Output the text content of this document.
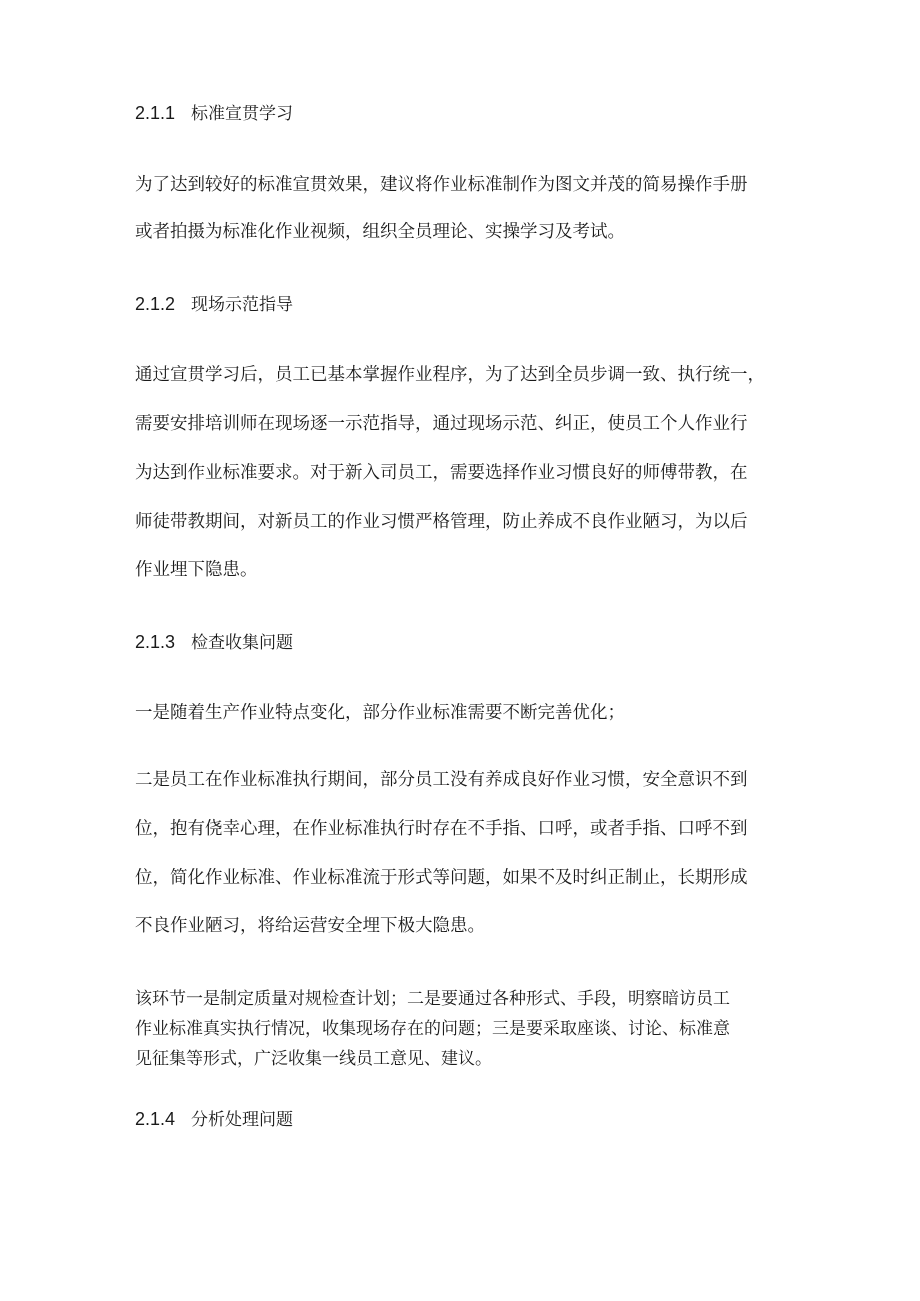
2.1.1 标准宣贯学习
为了达到较好的标准宣贯效果，建议将作业标准制作为图文并茂的简易操作手册
或者拍摄为标准化作业视频，组织全员理论、实操学习及考试。
2.1.2 现场示范指导
通过宣贯学习后，员工已基本掌握作业程序，为了达到全员步调一致、执行统一，
需要安排培训师在现场逐一示范指导，通过现场示范、纠正，使员工个人作业行
为达到作业标准要求。对于新入司员工，需要选择作业习惯良好的师傅带教，在
师徒带教期间，对新员工的作业习惯严格管理，防止养成不良作业陋习，为以后
作业埋下隐患。
2.1.3 检查收集问题
一是随着生产作业特点变化，部分作业标准需要不断完善优化；
二是员工在作业标准执行期间，部分员工没有养成良好作业习惯，安全意识不到
位，抱有侥幸心理，在作业标准执行时存在不手指、口呼，或者手指、口呼不到
位，简化作业标准、作业标准流于形式等问题，如果不及时纠正制止，长期形成
不良作业陋习，将给运营安全埋下极大隐患。
该环节一是制定质量对规检查计划；二是要通过各种形式、手段，明察暗访员工
作业标准真实执行情况，收集现场存在的问题；三是要采取座谈、讨论、标准意
见征集等形式，广泛收集一线员工意见、建议。
2.1.4 分析处理问题
